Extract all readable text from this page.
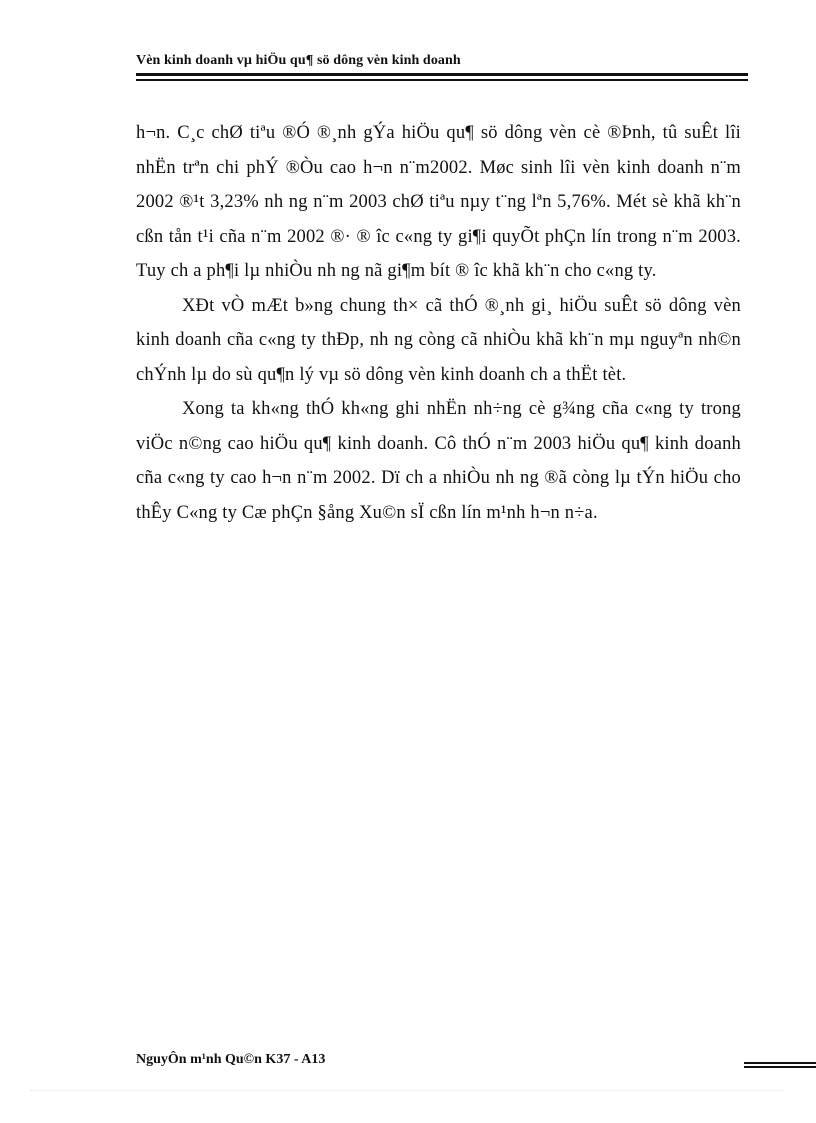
Vèn kinh doanh vµ hiÖu qu¶ sö dông vèn kinh doanh

h¬n. C¸c chØ tiªu ®Ó ®¸nh gÝa hiÖu qu¶ sö dông vèn cè ®Þnh, tû suÊt lîi nhËn trªn chi phÝ ®Òu cao h¬n n¨m2002. Møc sinh lîi vèn kinh doanh n¨m 2002 ®¹t 3,23% nh ng n¨m 2003 chØ tiªu nµy t¨ng lªn 5,76%. Mét sè khã kh¨n cßn tån t¹i cña n¨m 2002 ®· ® îc c«ng ty gi¶i quyÕt phÇn lín trong n¨m 2003. Tuy ch a ph¶i lµ nhiÒu nh ng nã gi¶m bít ® îc khã kh¨n cho c«ng ty.

XÐt vÒ mÆt b»ng chung th× cã thÓ ®¸nh gi¸ hiÖu suÊt sö dông vèn kinh doanh cña c«ng ty thÐp, nh ng còng cã nhiÒu khã kh¨n mµ nguyªn nh©n chÝnh lµ do sù qu¶n lý vµ sö dông vèn kinh doanh ch a thËt tèt.

Xong ta kh«ng thÓ kh«ng ghi nhËn nh÷ng cè g¾ng cña c«ng ty trong viÖc n©ng cao hiÖu qu¶ kinh doanh. Cô thÓ n¨m 2003 hiÖu qu¶ kinh doanh cña c«ng ty cao h¬n n¨m 2002. Dï ch a nhiÒu nh ng ®ã còng lµ tÝn hiÖu cho thÊy C«ng ty Cæ phÇn §ång Xu©n sÏ cßn lín m¹nh h¬n n÷a.

NguyÔn m¹nh Qu©n K37 - A13
